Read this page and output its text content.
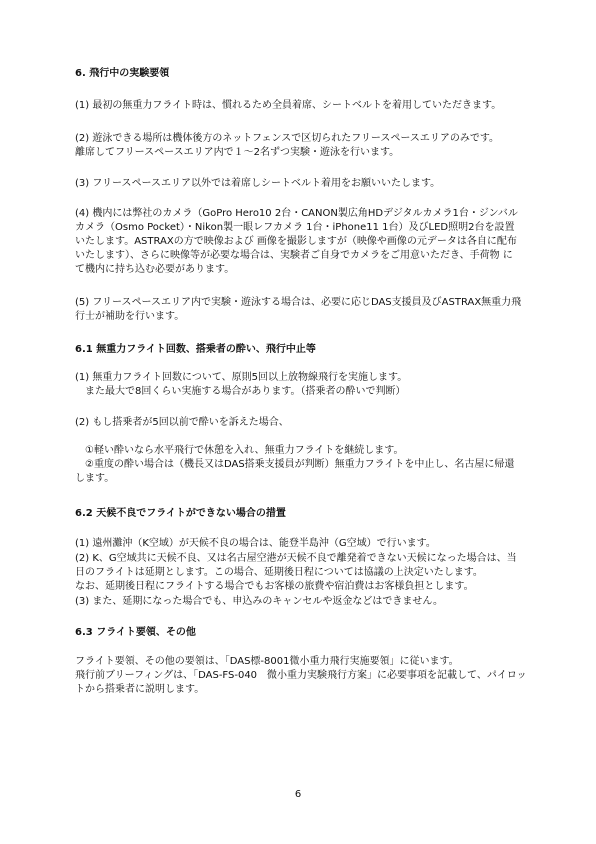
6. 飛行中の実験要領
(1) 最初の無重力フライト時は、慣れるため全員着席、シートベルトを着用していただきます。
(2) 遊泳できる場所は機体後方のネットフェンスで区切られたフリースペースエリアのみです。
離席してフリースペースエリア内で１〜2名ずつ実験・遊泳を行います。
(3) フリースペースエリア以外では着席しシートベルト着用をお願いいたします。
(4) 機内には弊社のカメラ（GoPro Hero10 2台・CANON製広角HDデジタルカメラ1台・ジンバル
カメラ（Osmo Pocket）・Nikon製一眼レフカメラ 1台・iPhone11 1台）及びLED照明2台を設置
いたします。ASTRAXの方で映像および 画像を撮影しますが（映像や画像の元データは各自に配布
いたします）、さらに映像等が必要な場合は、実験者ご自身でカメラをご用意いただき、手荷物 に
て機内に持ち込む必要があります。
(5) フリースペースエリア内で実験・遊泳する場合は、必要に応じDAS支援員及びASTRAX無重力飛
行士が補助を行います。
6.1 無重力フライト回数、搭乗者の酔い、飛行中止等
(1) 無重力フライト回数について、原則5回以上放物線飛行を実施します。
　また最大で8回くらい実施する場合があります。（搭乗者の酔いで判断）
(2) もし搭乗者が5回以前で酔いを訴えた場合、
　①軽い酔いなら水平飛行で休憩を入れ、無重力フライトを継続します。
　②重度の酔い場合は（機長又はDAS搭乗支援員が判断）無重力フライトを中止し、名古屋に帰還
します。
6.2 天候不良でフライトができない場合の措置
(1) 遠州灘沖（K空域）が天候不良の場合は、能登半島沖（G空域）で行います。
(2) K、G空域共に天候不良、又は名古屋空港が天候不良で離発着できない天候になった場合は、当
日のフライトは延期とします。この場合、延期後日程については協議の上決定いたします。
なお、延期後日程にフライトする場合でもお客様の旅費や宿泊費はお客様負担とします。
(3) また、延期になった場合でも、申込みのキャンセルや返金などはできません。
6.3 フライト要領、その他
フライト要領、その他の要領は、「DAS標-8001微小重力飛行実施要領」に従います。
飛行前ブリーフィングは、「DAS-FS-040　微小重力実験飛行方案」に必要事項を記載して、パイロッ
トから搭乗者に説明します。
6
